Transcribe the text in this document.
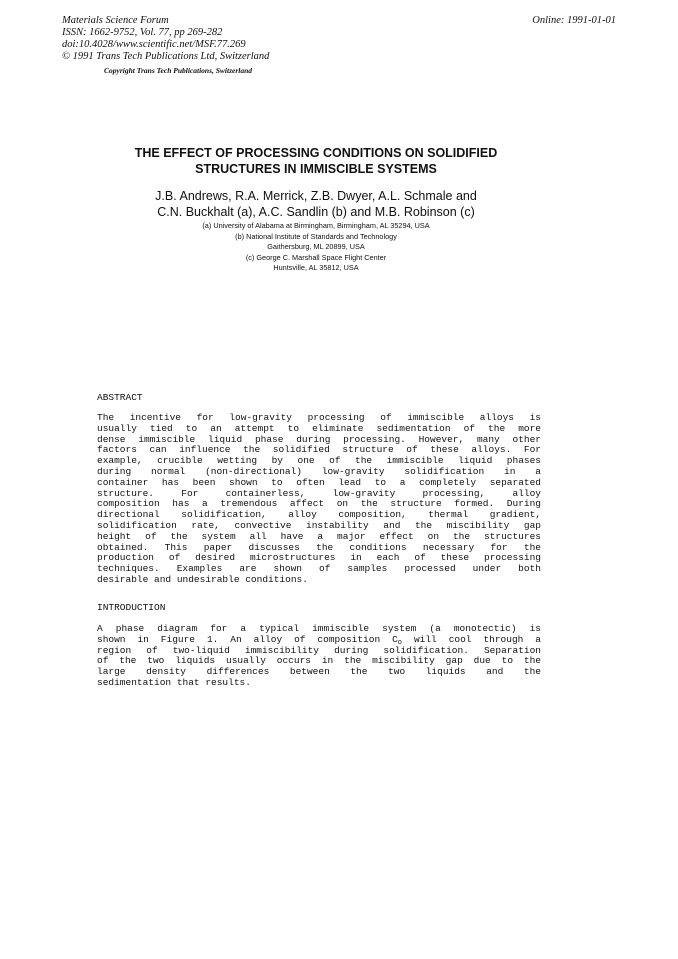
Materials Science Forum
ISSN: 1662-9752, Vol. 77, pp 269-282
doi:10.4028/www.scientific.net/MSF.77.269
© 1991 Trans Tech Publications Ltd, Switzerland
Online: 1991-01-01
Copyright Trans Tech Publications, Switzerland
THE EFFECT OF PROCESSING CONDITIONS ON SOLIDIFIED
STRUCTURES IN IMMISCIBLE SYSTEMS
J.B. Andrews, R.A. Merrick, Z.B. Dwyer, A.L. Schmale and
C.N. Buckhalt (a), A.C. Sandlin (b) and M.B. Robinson (c)
(a) University of Alabama at Birmingham, Birmingham, AL 35294, USA
(b) National Institute of Standards and Technology
Gaithersburg, ML 20899, USA
(c) George C. Marshall Space Flight Center
Huntsville, AL 35812, USA
ABSTRACT
The incentive for low-gravity processing of immiscible alloys is
usually tied to an attempt to eliminate sedimentation of the more
dense immiscible liquid phase during processing. However, many other
factors can influence the solidified structure of these alloys. For
example, crucible wetting by one of the immiscible liquid phases
during normal (non-directional) low-gravity solidification in a
container has been shown to often lead to a completely separated
structure. For containerless, low-gravity processing, alloy
composition has a tremendous affect on the structure formed. During
directional solidification, alloy composition, thermal gradient,
solidification rate, convective instability and the miscibility gap
height of the system all have a major effect on the structures
obtained. This paper discusses the conditions necessary for the
production of desired microstructures in each of these processing
techniques. Examples are shown of samples processed under both
desirable and undesirable conditions.
INTRODUCTION
A phase diagram for a typical immiscible system (a monotectic) is
shown in Figure 1. An alloy of composition $C_o$ will cool through a
region of two-liquid immiscibility during solidification. Separation
of the two liquids usually occurs in the miscibility gap due to the
large density differences between the two liquids and the
sedimentation that results.
